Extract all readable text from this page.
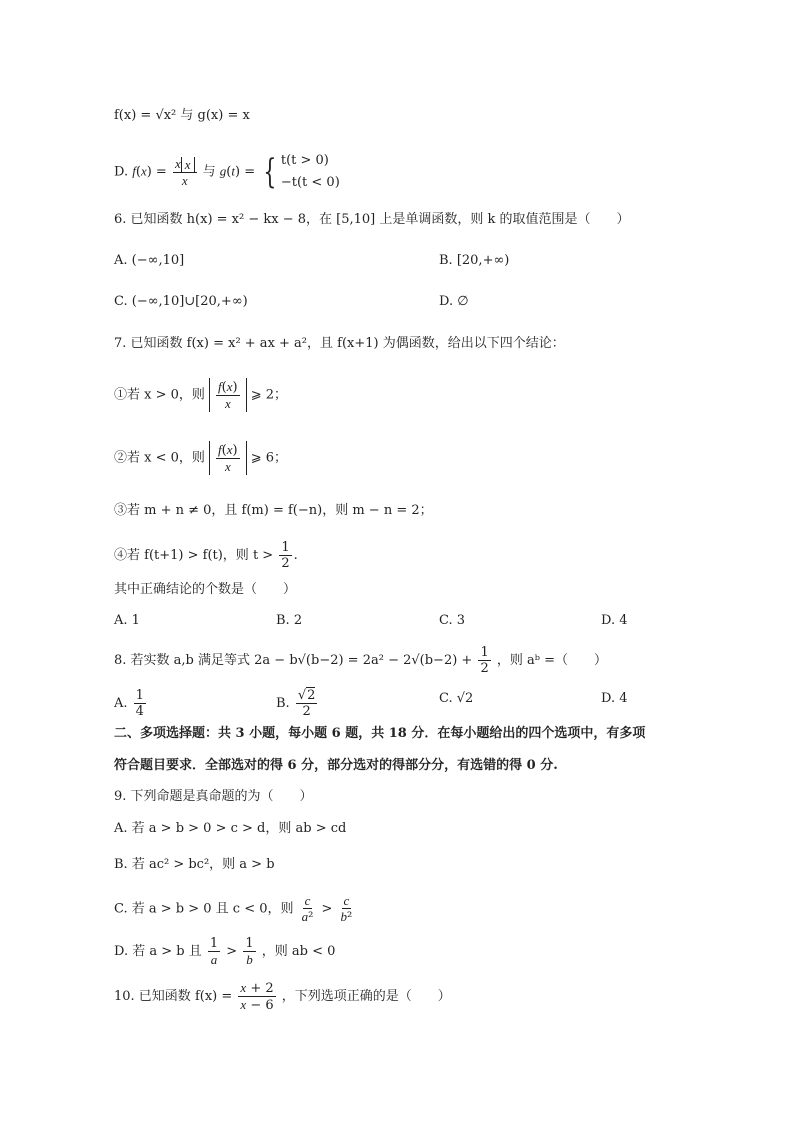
f(x) = √x² 与 g(x) = x
D. $f(x) = \frac{\text{x x}}{x}$ 与 g(t) = { t(t > 0)
−t(t < 0)
6. 已知函数 h(x) = x² − kx − 8，在 [5,10] 上是单调函数，则 k 的取值范围是（　　）
A. (−∞,10]	B. [20,+∞)
C. (−∞,10]∪[20,+∞)	D. ∅
7. 已知函数 f(x) = x² + ax + a²，且 f(x+1) 为偶函数，给出以下四个结论：
①若 x > 0，则 $\frac{f(x)}{x}$ ⩾ 2；
②若 x < 0，则 $\frac{f(x)}{x}$ ⩾ 6；
③若 m + n ≠ 0，且 f(m) = f(−n)，则 m − n = 2；
④若 f(t+1) > f(t)，则 $t > \frac{1}{2}$ .
其中正确结论的个数是（　　）
A. 1	B. 2	C. 3	D. 4
8. 若实数 a,b 满足等式 $2a - b√(b-2) = 2a^2 - 2√(b-2) + \frac{1}{2}$ ，则 aᵇ =（　　）
A. $\frac{1}{4}$	B. $\frac{√2}{2}$	C. √2	D. 4
二、多项选择题：共 3 小题，每小题 6 题，共 18 分．在每小题给出的四个选项中，有多项
符合题目要求．全部选对的得 6 分，部分选对的得部分分，有选错的得 0 分.
9. 下列命题是真命题的为（　　）
A. 若 a > b > 0 > c > d，则 ab > cd
B. 若 ac² > bc²，则 a > b
C. 若 a > b > 0 且 c < 0，则 $\frac{c}{\text{a²}} > \frac{c}{\text{b²}}$
D. 若 a > b 且 $\frac{1}{a} > \frac{1}{b}$ ，则 ab < 0
10. 已知函数 $f(x) = \frac{x + 2}{x - 6}$ ，下列选项正确的是（　　）
